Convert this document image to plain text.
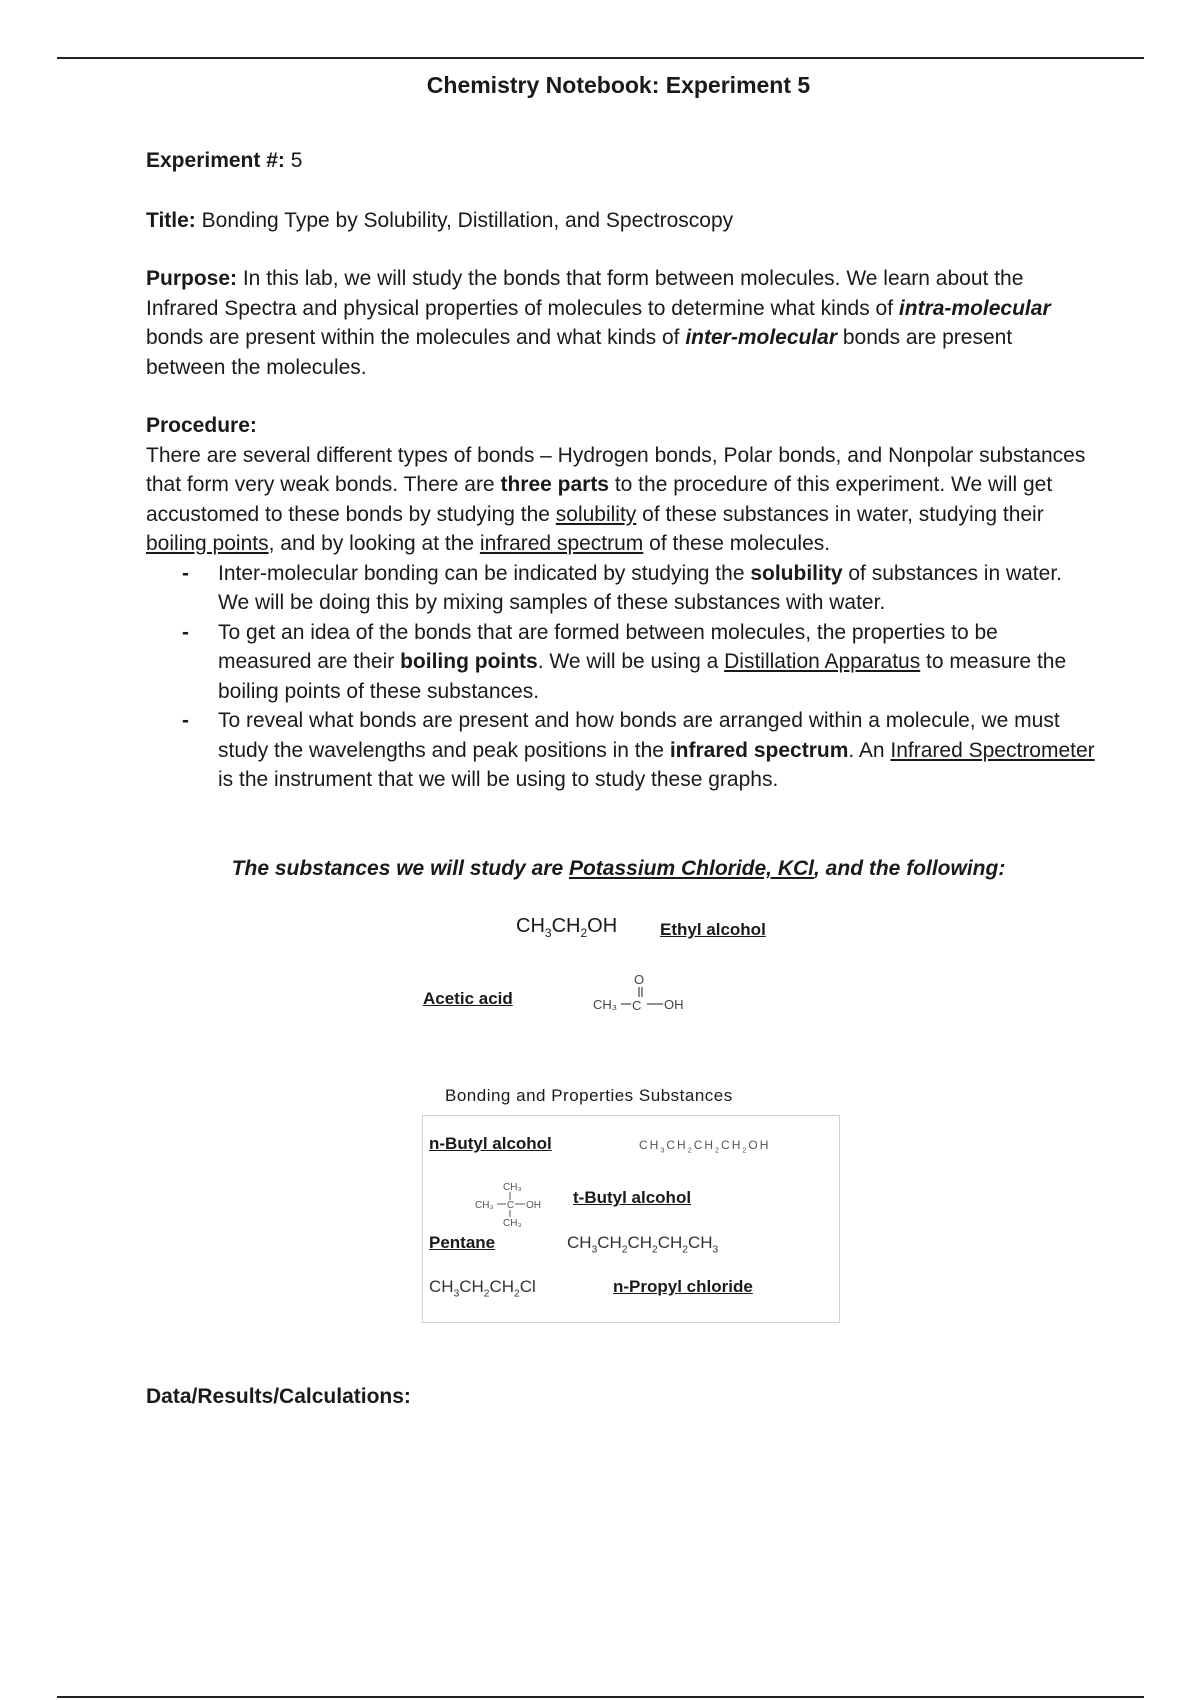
Chemistry Notebook: Experiment 5

Experiment #: 5

Title: Bonding Type by Solubility, Distillation, and Spectroscopy

Purpose: In this lab, we will study the bonds that form between molecules. We learn about the Infrared Spectra and physical properties of molecules to determine what kinds of intra-molecular bonds are present within the molecules and what kinds of inter-molecular bonds are present between the molecules.

Procedure:

There are several different types of bonds – Hydrogen bonds, Polar bonds, and Nonpolar substances that form very weak bonds. There are three parts to the procedure of this experiment. We will get accustomed to these bonds by studying the solubility of these substances in water, studying their boiling points, and by looking at the infrared spectrum of these molecules.

- Inter-molecular bonding can be indicated by studying the solubility of substances in water. We will be doing this by mixing samples of these substances with water.
- To get an idea of the bonds that are formed between molecules, the properties to be measured are their boiling points. We will be using a Distillation Apparatus to measure the boiling points of these substances.
- To reveal what bonds are present and how bonds are arranged within a molecule, we must study the wavelengths and peak positions in the infrared spectrum. An Infrared Spectrometer is the instrument that we will be using to study these graphs.

The substances we will study are Potassium Chloride, KCl, and the following:

$CH_3CH_2OH$	Ethyl alcohol
Acetic acid	CH₃ C
O
OH
Bonding and Properties Substances
n-Butyl alcohol	$CH_3CH_2CH_2CH_2OH$
CH₃
CH₃ C OH
CH₃
t-Butyl alcohol
Pentane	$CH_3CH_2CH_2CH_2CH_3$
$CH_3CH_2CH_2Cl$	n-Propyl chloride
Data/Results/Calculations:
